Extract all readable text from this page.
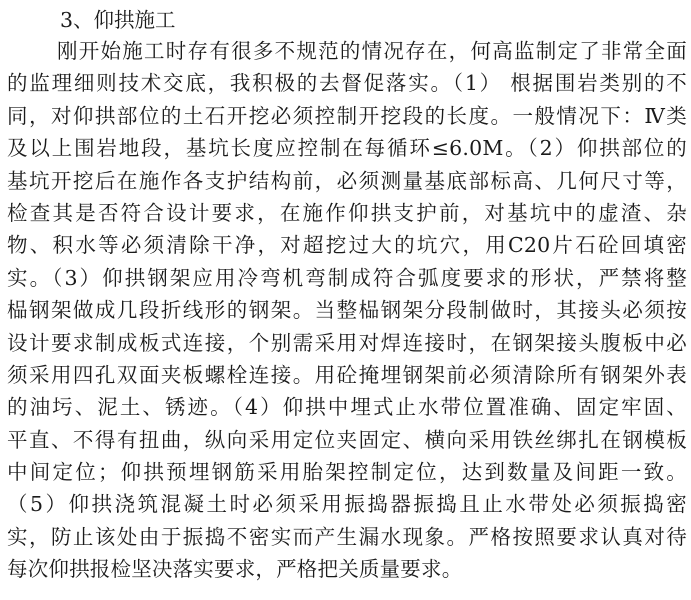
3、仰拱施工
刚开始施工时存有很多不规范的情况存在，何高监制定了非常全面
的监理细则技术交底，我积极的去督促落实。（1） 根据围岩类别的不
同，对仰拱部位的土石开挖必须控制开挖段的长度。一般情况下：Ⅳ类
及以上围岩地段，基坑长度应控制在每循环≤6.0M。（2）仰拱部位的
基坑开挖后在施作各支护结构前，必须测量基底部标高、几何尺寸等，
检查其是否符合设计要求，在施作仰拱支护前，对基坑中的虚渣、杂
物、积水等必须清除干净，对超挖过大的坑穴，用C20片石砼回填密
实。（3）仰拱钢架应用冷弯机弯制成符合弧度要求的形状，严禁将整
榀钢架做成几段折线形的钢架。当整榀钢架分段制做时，其接头必须按
设计要求制成板式连接，个别需采用对焊连接时，在钢架接头腹板中必
须采用四孔双面夹板螺栓连接。用砼掩埋钢架前必须清除所有钢架外表
的油圬、泥土、锈迹。（4）仰拱中埋式止水带位置准确、固定牢固、
平直、不得有扭曲，纵向采用定位夹固定、横向采用铁丝绑扎在钢模板
中间定位；仰拱预埋钢筋采用胎架控制定位，达到数量及间距一致。
（5）仰拱浇筑混凝土时必须采用振捣器振捣且止水带处必须振捣密
实，防止该处由于振捣不密实而产生漏水现象。严格按照要求认真对待
每次仰拱报检坚决落实要求，严格把关质量要求。
